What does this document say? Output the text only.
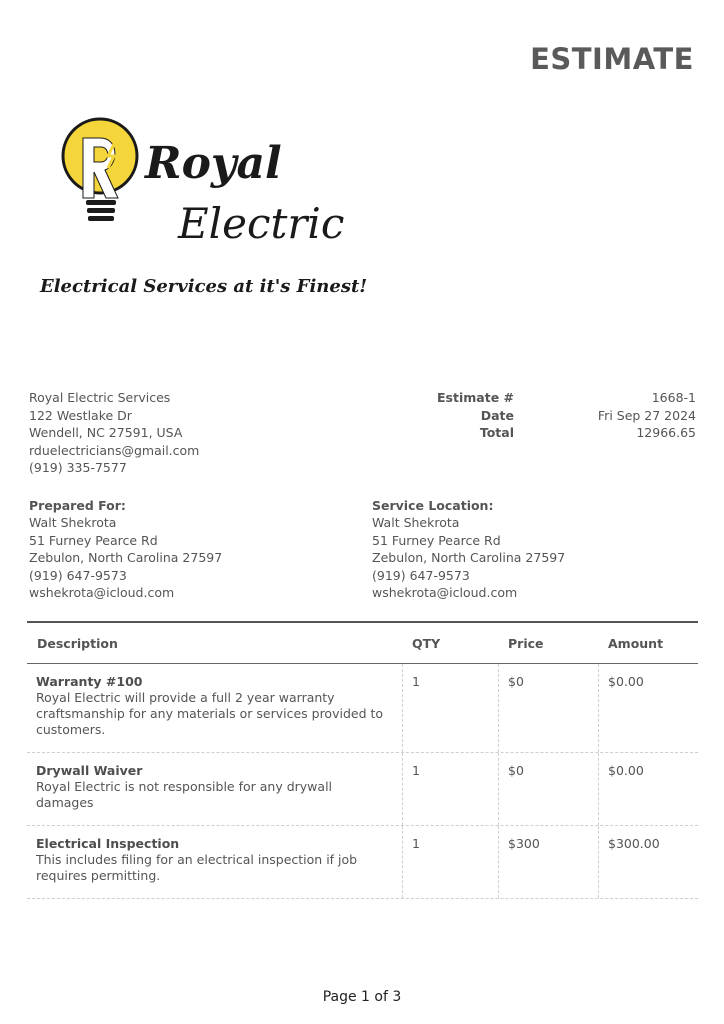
ESTIMATE
Royal
Electric
Electrical Services at it's Finest!
Royal Electric Services
122 Westlake Dr
Wendell, NC 27591, USA
rduelectricians@gmail.com
(919) 335-7577
Estimate #	1668-1
Date	Fri Sep 27 2024
Total	12966.65
Prepared For:
Walt Shekrota
51 Furney Pearce Rd
Zebulon, North Carolina 27597
(919) 647-9573
wshekrota@icloud.com
Service Location:
Walt Shekrota
51 Furney Pearce Rd
Zebulon, North Carolina 27597
(919) 647-9573
wshekrota@icloud.com
Description	QTY	Price	Amount
Warranty #100
Royal Electric will provide a full 2 year warranty craftsmanship for any materials or services provided to customers.
1	$0	$0.00
Drywall Waiver
Royal Electric is not responsible for any drywall damages
1	$0	$0.00
Electrical Inspection
This includes filing for an electrical inspection if job requires permitting.
1	$300	$300.00
Page 1 of 3
